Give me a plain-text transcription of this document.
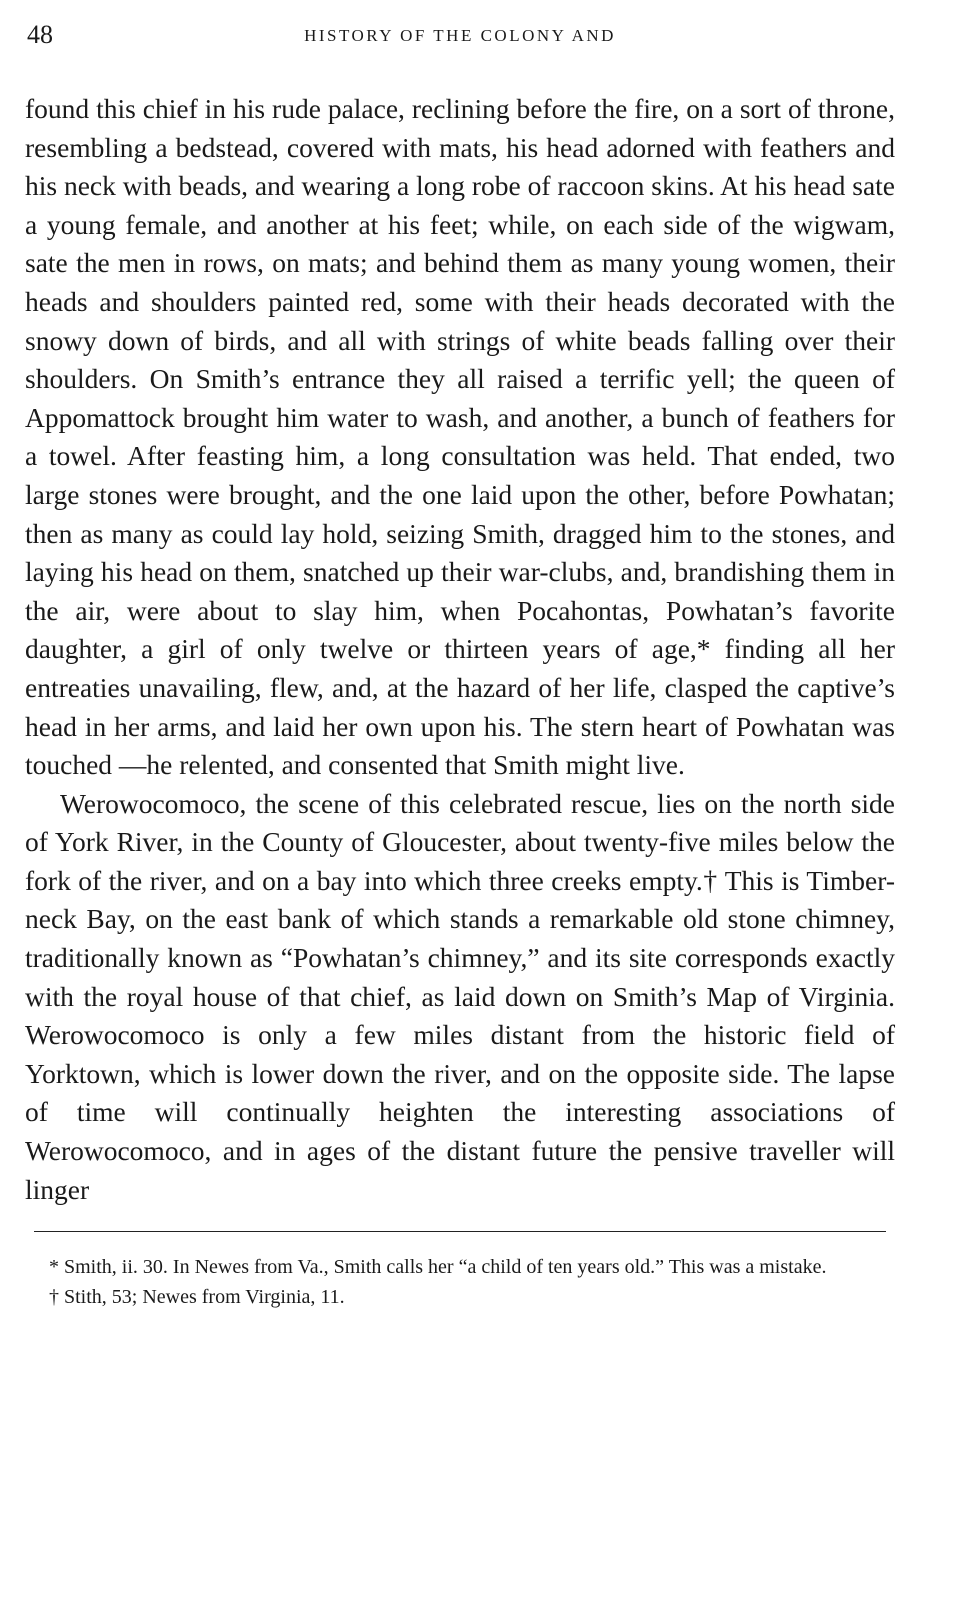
48	HISTORY OF THE COLONY AND

found this chief in his rude palace, reclining before the fire, on a sort of throne, resembling a bedstead, covered with mats, his head adorned with feathers and his neck with beads, and wearing a long robe of raccoon skins. At his head sate a young female, and another at his feet; while, on each side of the wigwam, sate the men in rows, on mats; and behind them as many young women, their heads and shoulders painted red, some with their heads decorated with the snowy down of birds, and all with strings of white beads falling over their shoulders. On Smith’s entrance they all raised a terrific yell; the queen of Appomattock brought him water to wash, and another, a bunch of feathers for a towel. After feasting him, a long consultation was held. That ended, two large stones were brought, and the one laid upon the other, before Powhatan; then as many as could lay hold, seizing Smith, dragged him to the stones, and laying his head on them, snatched up their war-clubs, and, brandishing them in the air, were about to slay him, when Pocahontas, Powhatan’s favorite daughter, a girl of only twelve or thirteen years of age,* finding all her entreaties unavailing, flew, and, at the hazard of her life, clasped the captive’s head in her arms, and laid her own upon his. The stern heart of Powhatan was touched —he relented, and consented that Smith might live.

Werowocomoco, the scene of this celebrated rescue, lies on the north side of York River, in the County of Gloucester, about twenty-five miles below the fork of the river, and on a bay into which three creeks empty.† This is Timber-neck Bay, on the east bank of which stands a remarkable old stone chimney, traditionally known as “Powhatan’s chimney,” and its site corresponds exactly with the royal house of that chief, as laid down on Smith’s Map of Virginia. Werowocomoco is only a few miles distant from the historic field of Yorktown, which is lower down the river, and on the opposite side. The lapse of time will continually heighten the interesting associations of Werowocomoco, and in ages of the distant future the pensive traveller will linger

* Smith, ii. 30. In Newes from Va., Smith calls her “a child of ten years old.” This was a mistake.

† Stith, 53; Newes from Virginia, 11.
